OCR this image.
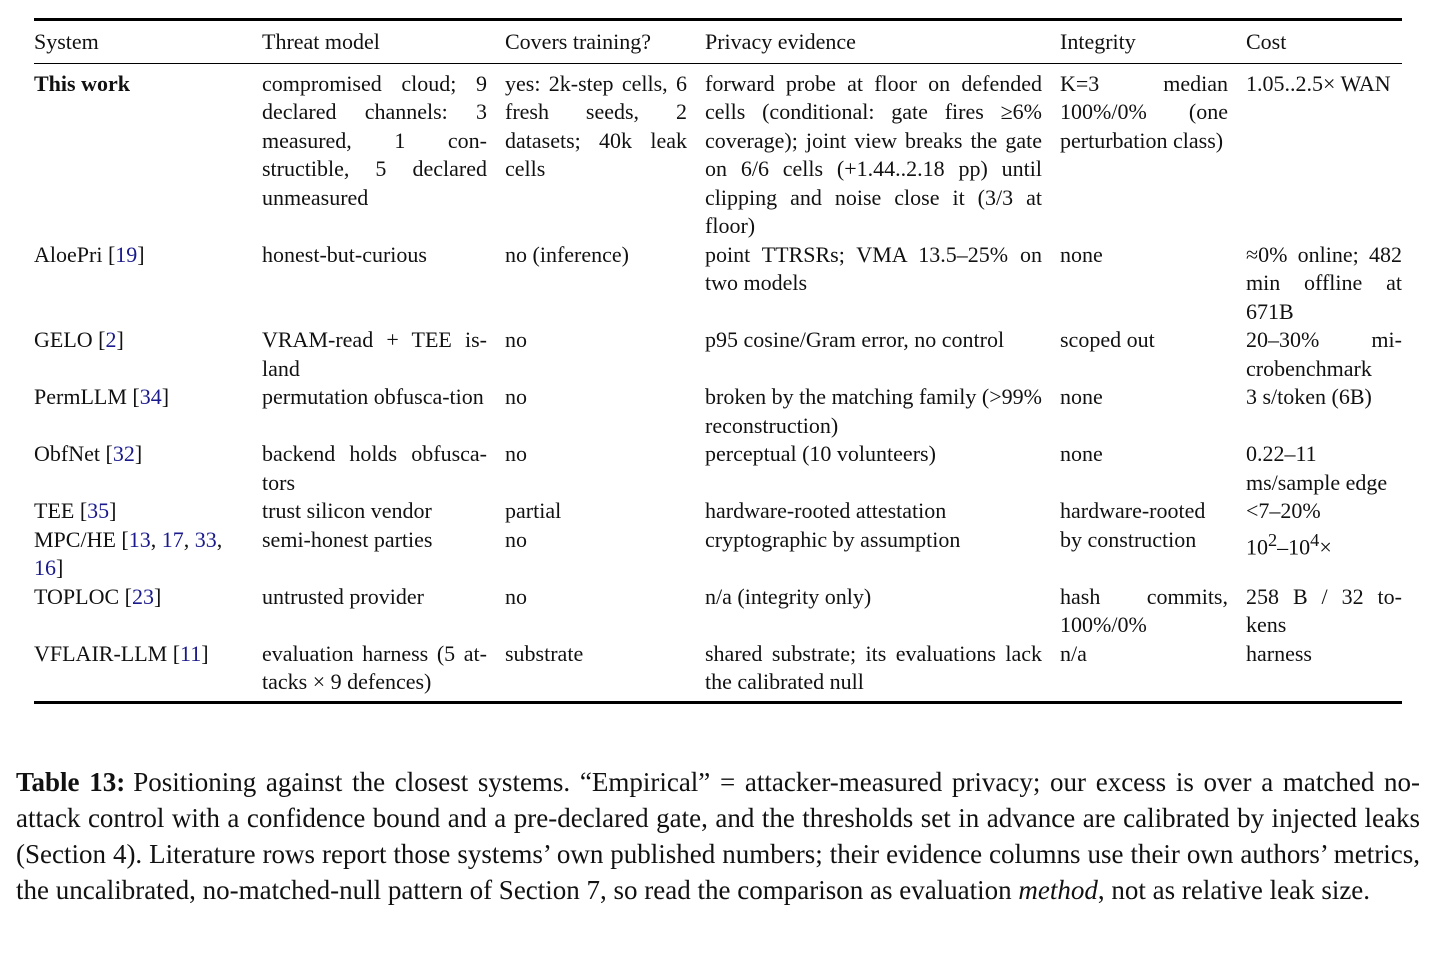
System	Threat model	Covers training?	Privacy evidence	Integrity	Cost
This work	compromised cloud; 9 declared channels: 3 measured, 1 con-structible, 5 declared unmeasured	yes: 2k-step cells, 6 fresh seeds, 2 datasets; 40k leak cells	forward probe at floor on defended cells (conditional: gate fires ≥6% coverage); joint view breaks the gate on 6/6 cells (+1.44..2.18 pp) until clipping and noise close it (3/3 at floor)	K=3 median 100%/0% (one perturbation class)	1.05..2.5× WAN
AloePri [19]	honest-but-curious	no (inference)	point TTRSRs; VMA 13.5–25% on two models	none	≈0% online; 482 min offline at 671B
GELO [2]	VRAM-read + TEE is-land	no	p95 cosine/Gram error, no control	scoped out	20–30% mi-crobenchmark
PermLLM [34]	permutation obfusca-tion	no	broken by the matching family (>99% reconstruction)	none	3 s/token (6B)
ObfNet [32]	backend holds obfusca-tors	no	perceptual (10 volunteers)	none	0.22–11 ms/sample edge
TEE [35]	trust silicon vendor	partial	hardware-rooted attestation	hardware-rooted	<7–20%
MPC/HE [13, 17, 33, 16]	semi-honest parties	no	cryptographic by assumption	by construction	$10^2-10^4\times$
TOPLOC [23]	untrusted provider	no	n/a (integrity only)	hash commits, 100%/0%	258 B / 32 to-kens
VFLAIR-LLM [11]	evaluation harness (5 at-tacks × 9 defences)	substrate	shared substrate; its evaluations lack the calibrated null	n/a	harness
Table 13: Positioning against the closest systems. “Empirical” = attacker-measured privacy; our excess is over a matched no-attack control with a confidence bound and a pre-declared gate, and the thresholds set in advance are calibrated by injected leaks (Section 4). Literature rows report those systems’ own published numbers; their evidence columns use their own authors’ metrics, the uncalibrated, no-matched-null pattern of Section 7, so read the comparison as evaluation method, not as relative leak size.
